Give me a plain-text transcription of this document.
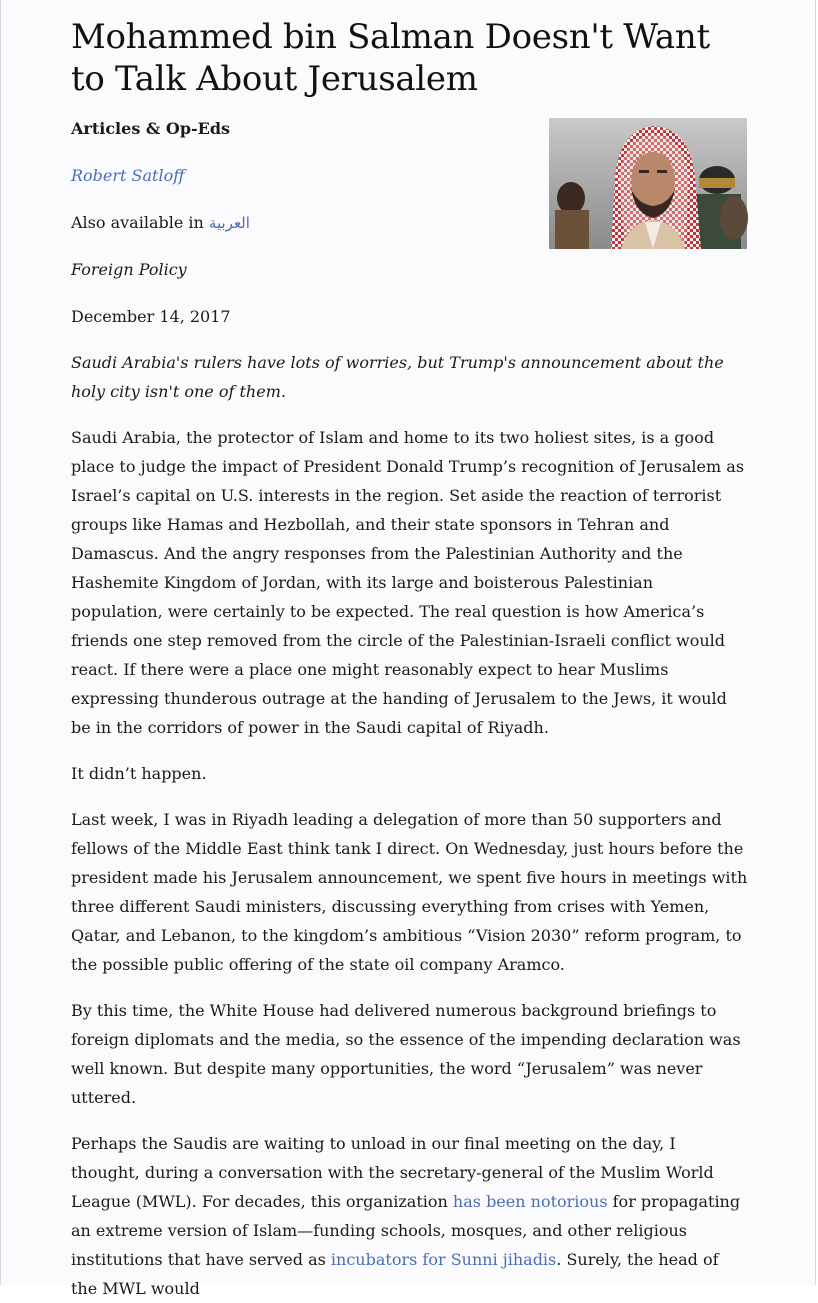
Mohammed bin Salman Doesn't Want to Talk About Jerusalem

Articles & Op-Eds

Robert Satloff

Also available in العربية

Foreign Policy

December 14, 2017

Saudi Arabia's rulers have lots of worries, but Trump's announcement about the holy city isn't one of them.

Saudi Arabia, the protector of Islam and home to its two holiest sites, is a good place to judge the impact of President Donald Trump’s recognition of Jerusalem as Israel’s capital on U.S. interests in the region. Set aside the reaction of terrorist groups like Hamas and Hezbollah, and their state sponsors in Tehran and Damascus. And the angry responses from the Palestinian Authority and the Hashemite Kingdom of Jordan, with its large and boisterous Palestinian population, were certainly to be expected. The real question is how America’s friends one step removed from the circle of the Palestinian-Israeli conflict would react. If there were a place one might reasonably expect to hear Muslims expressing thunderous outrage at the handing of Jerusalem to the Jews, it would be in the corridors of power in the Saudi capital of Riyadh.

It didn’t happen.

Last week, I was in Riyadh leading a delegation of more than 50 supporters and fellows of the Middle East think tank I direct. On Wednesday, just hours before the president made his Jerusalem announcement, we spent five hours in meetings with three different Saudi ministers, discussing everything from crises with Yemen, Qatar, and Lebanon, to the kingdom’s ambitious “Vision 2030” reform program, to the possible public offering of the state oil company Aramco.

By this time, the White House had delivered numerous background briefings to foreign diplomats and the media, so the essence of the impending declaration was well known. But despite many opportunities, the word “Jerusalem” was never uttered.

Perhaps the Saudis are waiting to unload in our final meeting on the day, I thought, during a conversation with the secretary-general of the Muslim World League (MWL). For decades, this organization has been notorious for propagating an extreme version of Islam—funding schools, mosques, and other religious institutions that have served as incubators for Sunni jihadis. Surely, the head of the MWL would
